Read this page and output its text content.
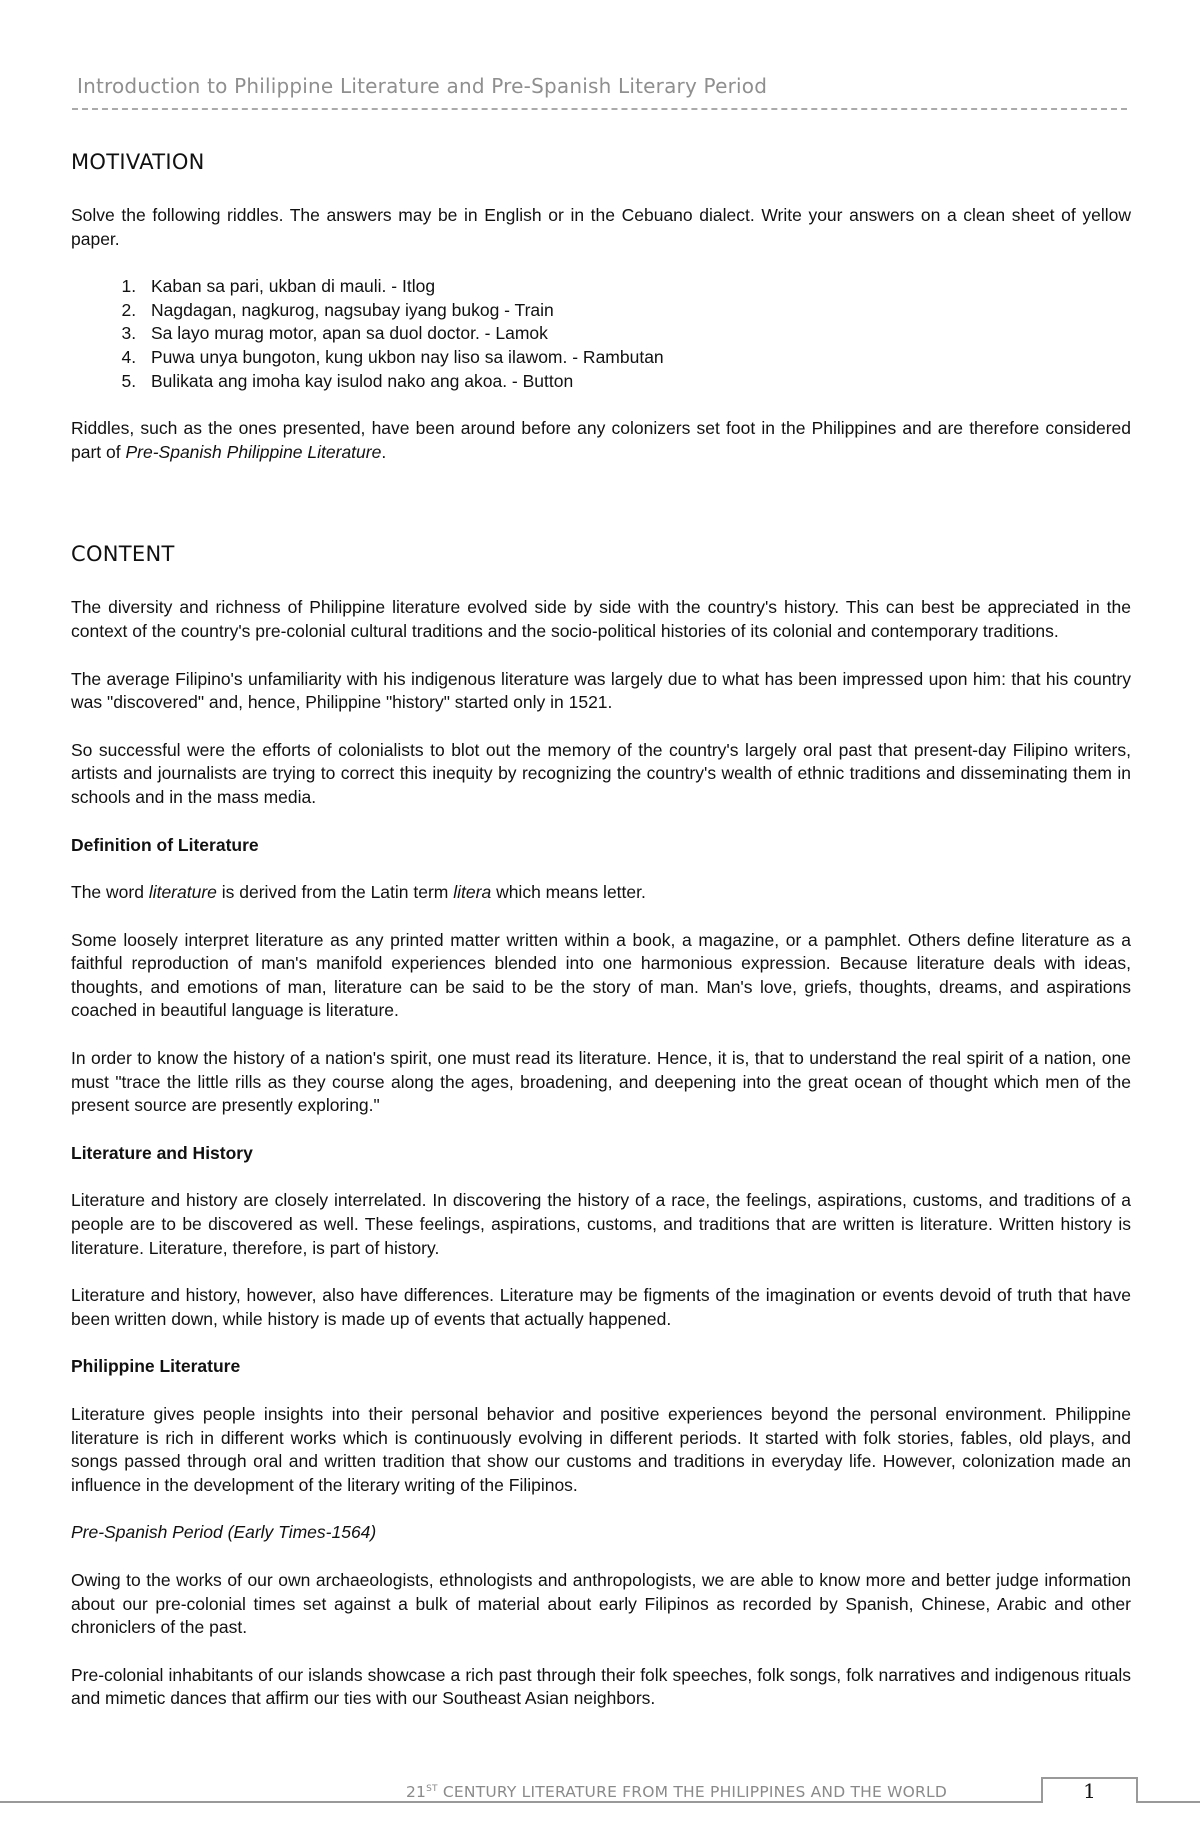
Introduction to Philippine Literature and Pre-Spanish Literary Period
MOTIVATION

Solve the following riddles. The answers may be in English or in the Cebuano dialect. Write your answers on a clean sheet of yellow paper.

1. Kaban sa pari, ukban di mauli. - Itlog
2. Nagdagan, nagkurog, nagsubay iyang bukog - Train
3. Sa layo murag motor, apan sa duol doctor. - Lamok
4. Puwa unya bungoton, kung ukbon nay liso sa ilawom. - Rambutan
5. Bulikata ang imoha kay isulod nako ang akoa. - Button

Riddles, such as the ones presented, have been around before any colonizers set foot in the Philippines and are therefore considered part of Pre-Spanish Philippine Literature.

CONTENT

The diversity and richness of Philippine literature evolved side by side with the country's history. This can best be appreciated in the context of the country's pre-colonial cultural traditions and the socio-political histories of its colonial and contemporary traditions.

The average Filipino's unfamiliarity with his indigenous literature was largely due to what has been impressed upon him: that his country was "discovered" and, hence, Philippine "history" started only in 1521.

So successful were the efforts of colonialists to blot out the memory of the country's largely oral past that present-day Filipino writers, artists and journalists are trying to correct this inequity by recognizing the country's wealth of ethnic traditions and disseminating them in schools and in the mass media.

Definition of Literature

The word literature is derived from the Latin term litera which means letter.

Some loosely interpret literature as any printed matter written within a book, a magazine, or a pamphlet. Others define literature as a faithful reproduction of man's manifold experiences blended into one harmonious expression. Because literature deals with ideas, thoughts, and emotions of man, literature can be said to be the story of man. Man's love, griefs, thoughts, dreams, and aspirations coached in beautiful language is literature.

In order to know the history of a nation's spirit, one must read its literature. Hence, it is, that to understand the real spirit of a nation, one must "trace the little rills as they course along the ages, broadening, and deepening into the great ocean of thought which men of the present source are presently exploring."

Literature and History

Literature and history are closely interrelated. In discovering the history of a race, the feelings, aspirations, customs, and traditions of a people are to be discovered as well. These feelings, aspirations, customs, and traditions that are written is literature. Written history is literature. Literature, therefore, is part of history.

Literature and history, however, also have differences. Literature may be figments of the imagination or events devoid of truth that have been written down, while history is made up of events that actually happened.

Philippine Literature

Literature gives people insights into their personal behavior and positive experiences beyond the personal environment. Philippine literature is rich in different works which is continuously evolving in different periods. It started with folk stories, fables, old plays, and songs passed through oral and written tradition that show our customs and traditions in everyday life. However, colonization made an influence in the development of the literary writing of the Filipinos.

Pre-Spanish Period (Early Times-1564)

Owing to the works of our own archaeologists, ethnologists and anthropologists, we are able to know more and better judge information about our pre-colonial times set against a bulk of material about early Filipinos as recorded by Spanish, Chinese, Arabic and other chroniclers of the past.

Pre-colonial inhabitants of our islands showcase a rich past through their folk speeches, folk songs, folk narratives and indigenous rituals and mimetic dances that affirm our ties with our Southeast Asian neighbors.

21ST CENTURY LITERATURE FROM THE PHILIPPINES AND THE WORLD	1
